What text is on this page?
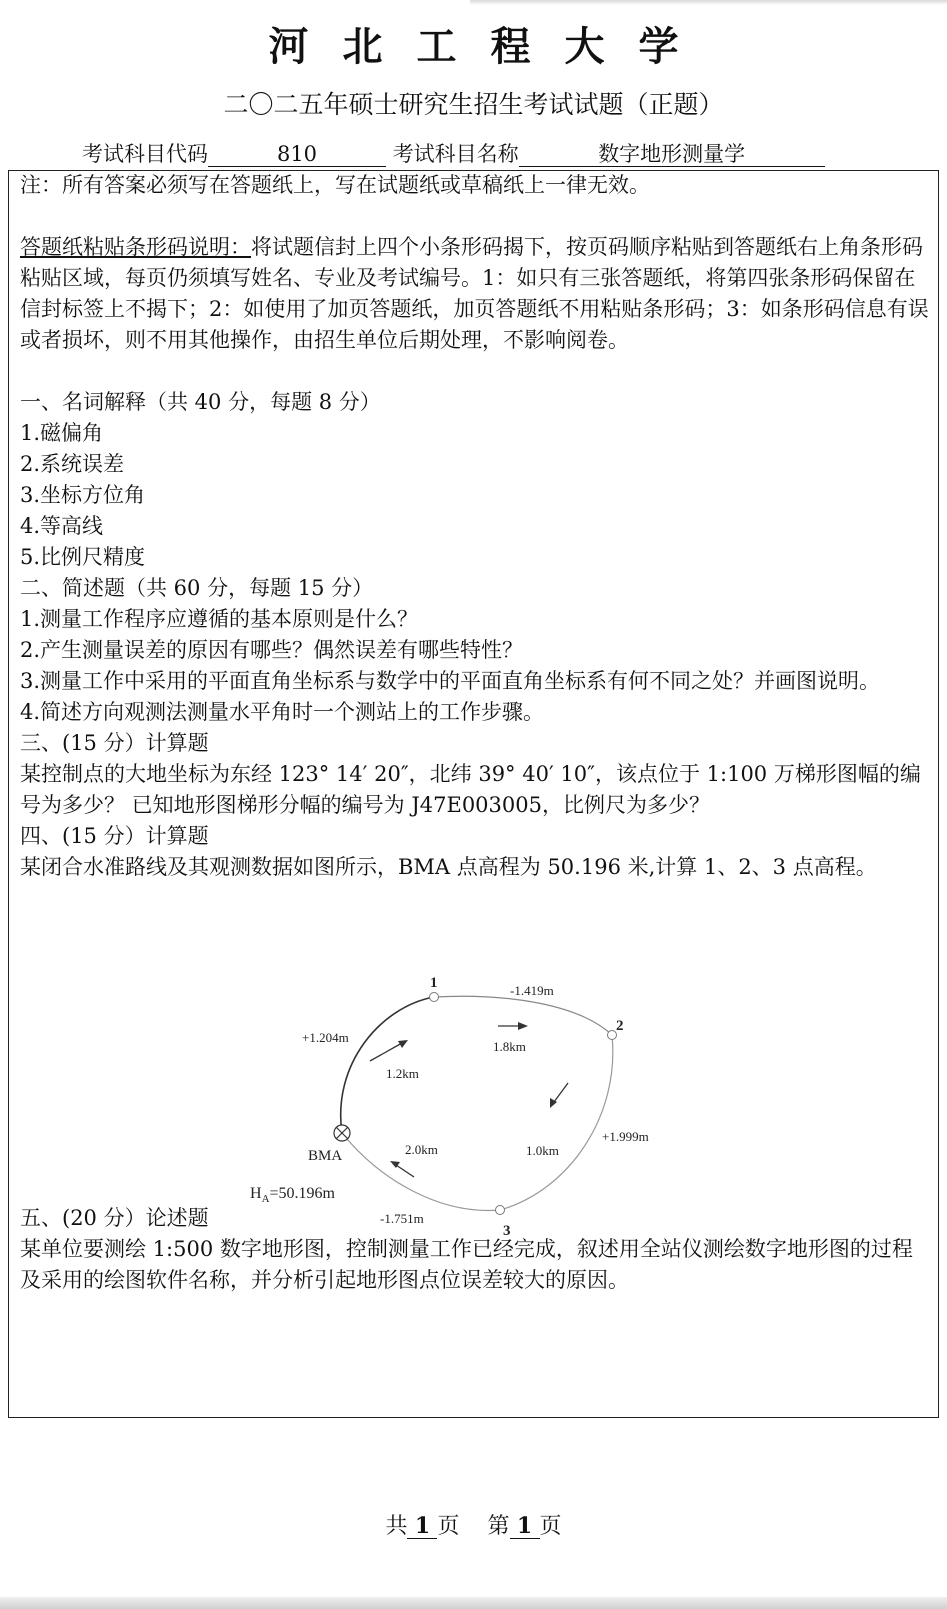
河北工程大学
二〇二五年硕士研究生招生考试试题（正题）
考试科目代码	810	考试科目名称	数字地形测量学

注：所有答案必须写在答题纸上，写在试题纸或草稿纸上一律无效。

答题纸粘贴条形码说明：将试题信封上四个小条形码揭下，按页码顺序粘贴到答题纸右上角条形码粘贴区域，每页仍须填写姓名、专业及考试编号。1：如只有三张答题纸，将第四张条形码保留在信封标签上不揭下；2：如使用了加页答题纸，加页答题纸不用粘贴条形码；3：如条形码信息有误或者损坏，则不用其他操作，由招生单位后期处理，不影响阅卷。

一、名词解释（共 40 分，每题 8 分）

1.磁偏角

2.系统误差

3.坐标方位角

4.等高线

5.比例尺精度

二、简述题（共 60 分，每题 15 分）

1.测量工作程序应遵循的基本原则是什么？

2.产生测量误差的原因有哪些？偶然误差有哪些特性？

3.测量工作中采用的平面直角坐标系与数学中的平面直角坐标系有何不同之处？并画图说明。

4.简述方向观测法测量水平角时一个测站上的工作步骤。

三、(15 分）计算题

某控制点的大地坐标为东经 123° 14′ 20″，北纬 39° 40′ 10″，该点位于 1:100 万梯形图幅的编号为多少？ 已知地形图梯形分幅的编号为 J47E003005，比例尺为多少？

四、(15 分）计算题

某闭合水准路线及其观测数据如图所示，BMA 点高程为 50.196 米,计算 1、2、3 点高程。

五、(20 分）论述题

某单位要测绘 1:500 数字地形图，控制测量工作已经完成，叙述用全站仪测绘数字地形图的过程及采用的绘图软件名称，并分析引起地形图点位误差较大的原因。

1
2
3
BMA
$H_A=50.196m$
+1.204m
1.2km
-1.419m
1.8km
+1.999m
1.0km
-1.751m
2.0km
共 1 页 第 1 页
